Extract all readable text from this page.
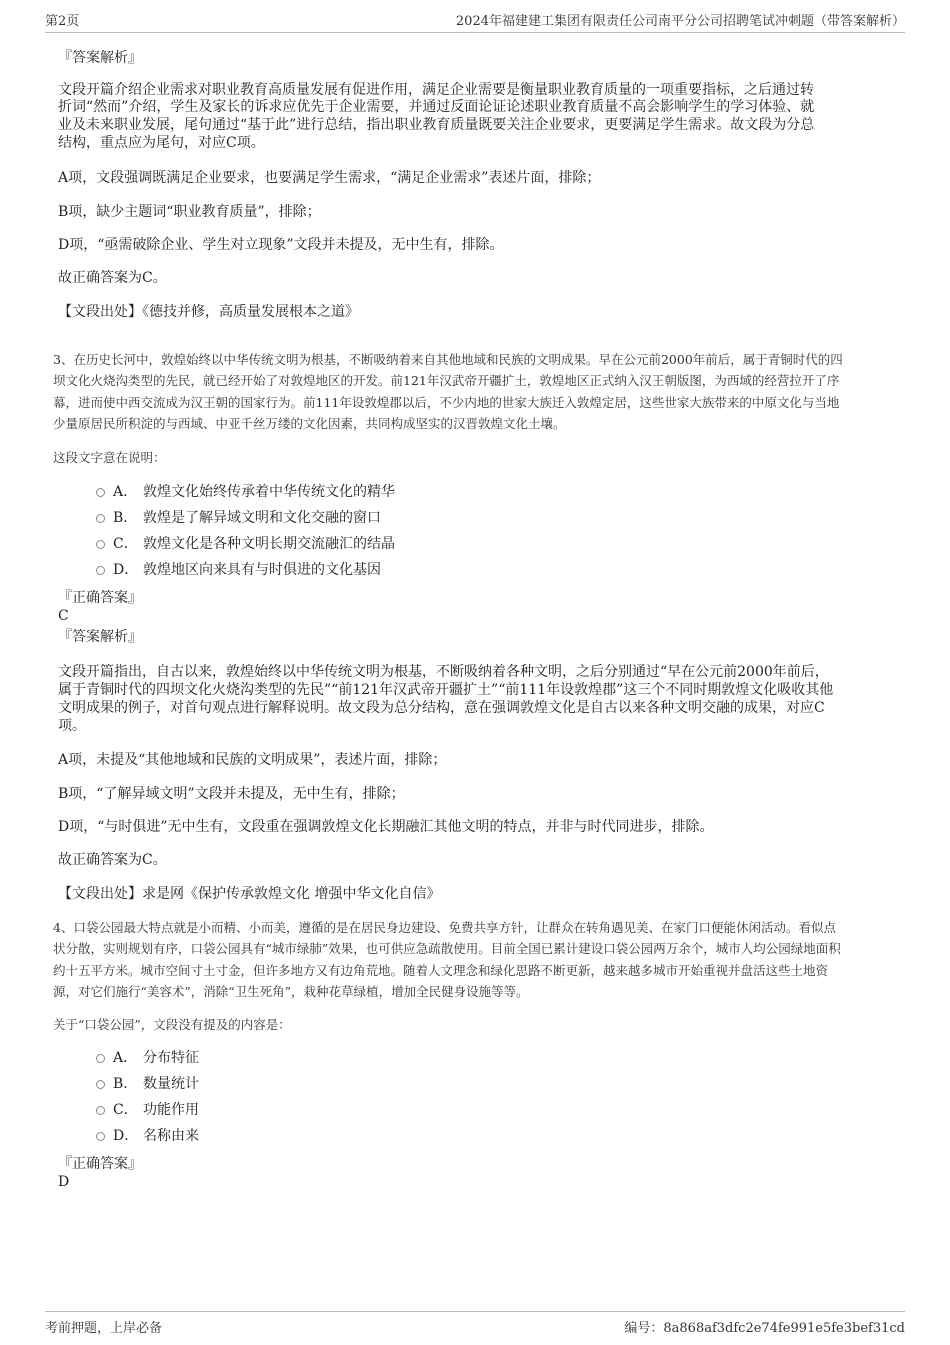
第2页	2024年福建建工集团有限责任公司南平分公司招聘笔试冲刺题（带答案解析）
『答案解析』
文段开篇介绍企业需求对职业教育高质量发展有促进作用，满足企业需要是衡量职业教育质量的一项重要指标，之后通过转
折词“然而”介绍，学生及家长的诉求应优先于企业需要，并通过反面论证论述职业教育质量不高会影响学生的学习体验、就
业及未来职业发展，尾句通过“基于此”进行总结，指出职业教育质量既要关注企业要求，更要满足学生需求。故文段为分总
结构，重点应为尾句，对应C项。
A项，文段强调既满足企业要求，也要满足学生需求，“满足企业需求”表述片面，排除；
B项，缺少主题词“职业教育质量”，排除；
D项，“亟需破除企业、学生对立现象”文段并未提及，无中生有，排除。
故正确答案为C。
【文段出处】《德技并修，高质量发展根本之道》
3、在历史长河中，敦煌始终以中华传统文明为根基，不断吸纳着来自其他地域和民族的文明成果。早在公元前2000年前后，属于青铜时代的四
坝文化火烧沟类型的先民，就已经开始了对敦煌地区的开发。前121年汉武帝开疆扩土，敦煌地区正式纳入汉王朝版图，为西域的经营拉开了序
幕，进而使中西交流成为汉王朝的国家行为。前111年设敦煌郡以后，不少内地的世家大族迁入敦煌定居，这些世家大族带来的中原文化与当地
少量原居民所积淀的与西域、中亚千丝万缕的文化因素，共同构成坚实的汉晋敦煌文化土壤。
这段文字意在说明：
A． 敦煌文化始终传承着中华传统文化的精华
B． 敦煌是了解异域文明和文化交融的窗口
C． 敦煌文化是各种文明长期交流融汇的结晶
D． 敦煌地区向来具有与时俱进的文化基因
『正确答案』
C
『答案解析』
文段开篇指出，自古以来，敦煌始终以中华传统文明为根基，不断吸纳着各种文明，之后分别通过“早在公元前2000年前后，
属于青铜时代的四坝文化火烧沟类型的先民”“前121年汉武帝开疆扩土”“前111年设敦煌郡”这三个不同时期敦煌文化吸收其他
文明成果的例子，对首句观点进行解释说明。故文段为总分结构，意在强调敦煌文化是自古以来各种文明交融的成果，对应C
项。
A项，未提及“其他地域和民族的文明成果”，表述片面，排除；
B项，“了解异域文明”文段并未提及，无中生有，排除；
D项，“与时俱进”无中生有，文段重在强调敦煌文化长期融汇其他文明的特点，并非与时代同进步，排除。
故正确答案为C。
【文段出处】求是网《保护传承敦煌文化 增强中华文化自信》
4、口袋公园最大特点就是小而精、小而美，遵循的是在居民身边建设、免费共享方针，让群众在转角遇见美、在家门口便能休闲活动。看似点
状分散，实则规划有序，口袋公园具有“城市绿肺”效果，也可供应急疏散使用。目前全国已累计建设口袋公园两万余个，城市人均公园绿地面积
约十五平方米。城市空间寸土寸金，但许多地方又有边角荒地。随着人文理念和绿化思路不断更新，越来越多城市开始重视并盘活这些土地资
源，对它们施行“美容术”，消除“卫生死角”，栽种花草绿植，增加全民健身设施等等。
关于“口袋公园”，文段没有提及的内容是：
A． 分布特征
B． 数量统计
C． 功能作用
D． 名称由来
『正确答案』
D
考前押题，上岸必备	编号：8a868af3dfc2e74fe991e5fe3bef31cd
